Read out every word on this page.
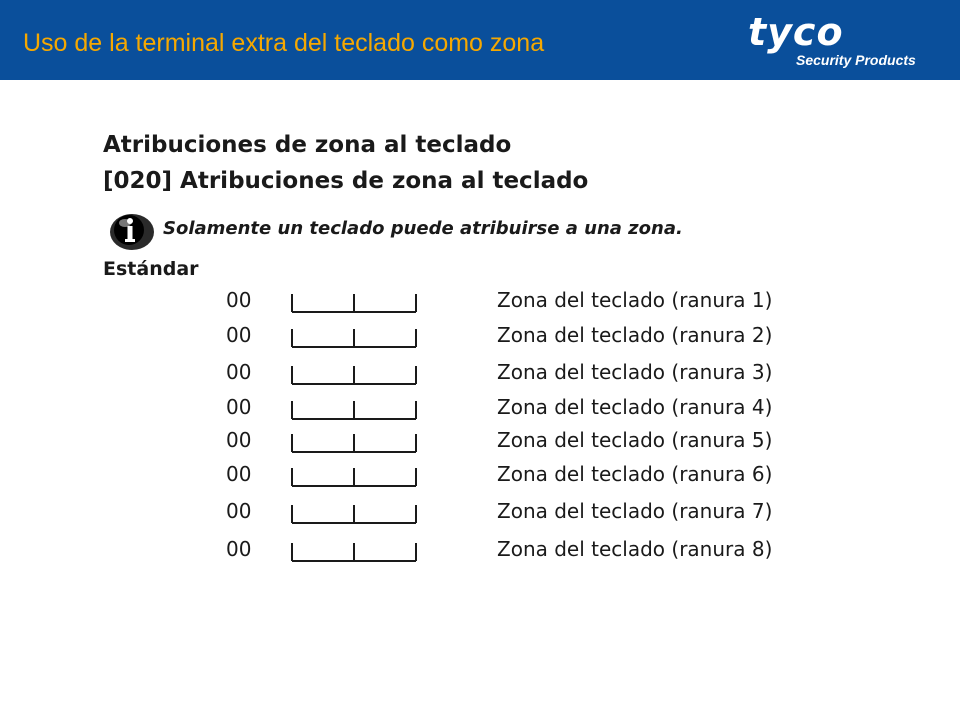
Uso de la terminal extra del teclado como zona	tyco
Security Products
Atribuciones de zona al teclado
[020] Atribuciones de zona al teclado
Solamente un teclado puede atribuirse a una zona.
Estándar
00	Zona del teclado (ranura 1)
00	Zona del teclado (ranura 2)
00	Zona del teclado (ranura 3)
00	Zona del teclado (ranura 4)
00	Zona del teclado (ranura 5)
00	Zona del teclado (ranura 6)
00	Zona del teclado (ranura 7)
00	Zona del teclado (ranura 8)
